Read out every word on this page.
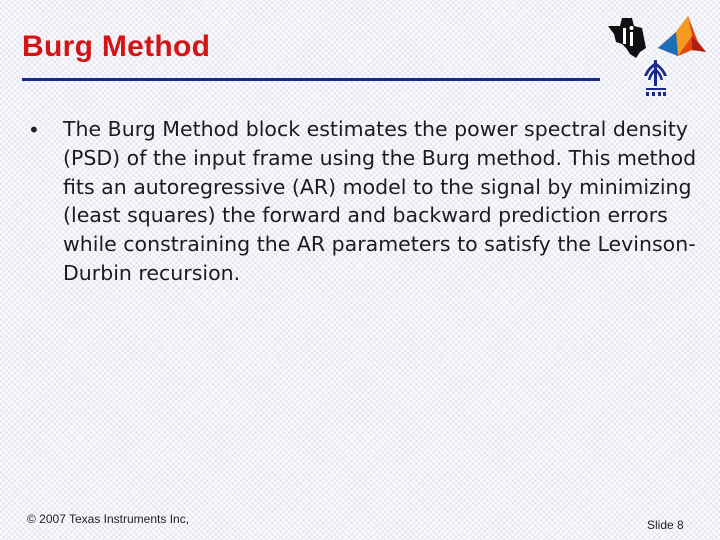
Burg Method
• The Burg Method block estimates the power spectral density (PSD) of the input frame using the Burg method. This method fits an autoregressive (AR) model to the signal by minimizing (least squares) the forward and backward prediction errors while constraining the AR parameters to satisfy the Levinson-Durbin recursion.
© 2007 Texas Instruments Inc,	Slide 8
